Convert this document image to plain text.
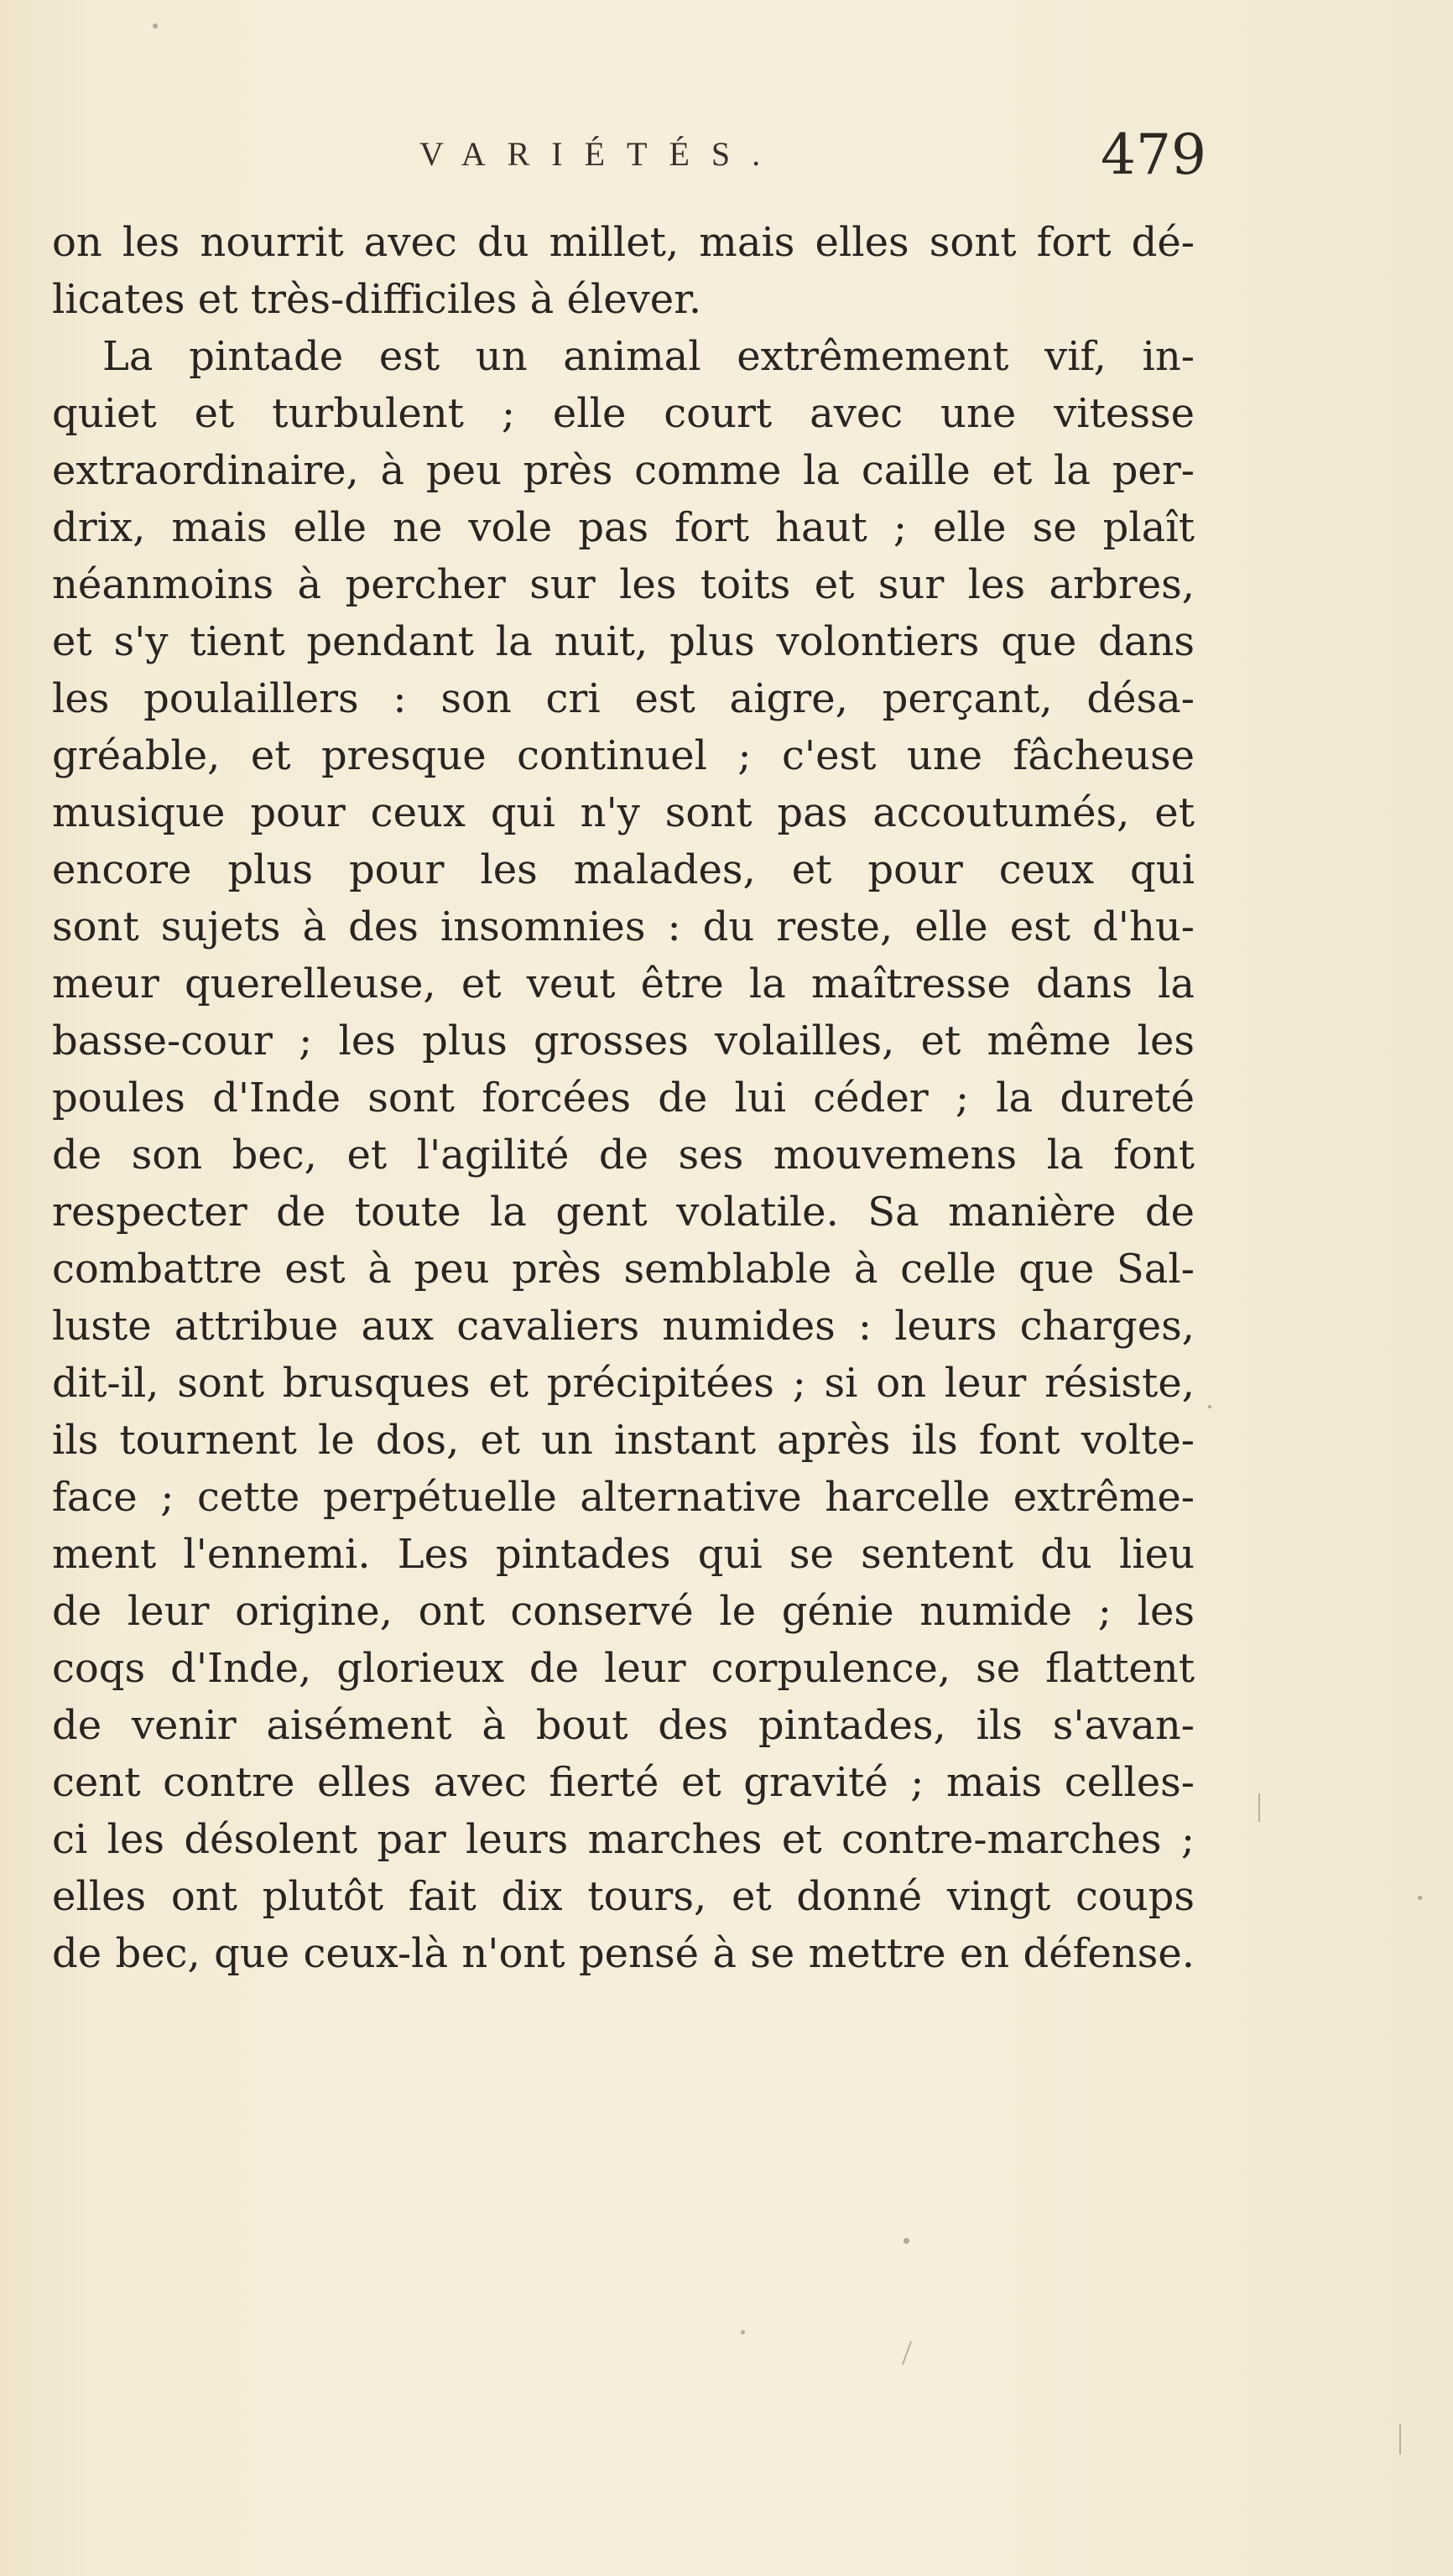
VARIÉTÉS.	479
on les nourrit avec du millet, mais elles sont fort dé-
licates et très-difficiles à élever.
La pintade est un animal extrêmement vif, in-
quiet et turbulent ; elle court avec une vitesse
extraordinaire, à peu près comme la caille et la per-
drix, mais elle ne vole pas fort haut ; elle se plaît
néanmoins à percher sur les toits et sur les arbres,
et s'y tient pendant la nuit, plus volontiers que dans
les poulaillers : son cri est aigre, perçant, désa-
gréable, et presque continuel ; c'est une fâcheuse
musique pour ceux qui n'y sont pas accoutumés, et
encore plus pour les malades, et pour ceux qui
sont sujets à des insomnies : du reste, elle est d'hu-
meur querelleuse, et veut être la maîtresse dans la
basse-cour ; les plus grosses volailles, et même les
poules d'Inde sont forcées de lui céder ; la dureté
de son bec, et l'agilité de ses mouvemens la font
respecter de toute la gent volatile. Sa manière de
combattre est à peu près semblable à celle que Sal-
luste attribue aux cavaliers numides : leurs charges,
dit-il, sont brusques et précipitées ; si on leur résiste,
ils tournent le dos, et un instant après ils font volte-
face ; cette perpétuelle alternative harcelle extrême-
ment l'ennemi. Les pintades qui se sentent du lieu
de leur origine, ont conservé le génie numide ; les
coqs d'Inde, glorieux de leur corpulence, se flattent
de venir aisément à bout des pintades, ils s'avan-
cent contre elles avec fierté et gravité ; mais celles-
ci les désolent par leurs marches et contre-marches ;
elles ont plutôt fait dix tours, et donné vingt coups
de bec, que ceux-là n'ont pensé à se mettre en défense.
